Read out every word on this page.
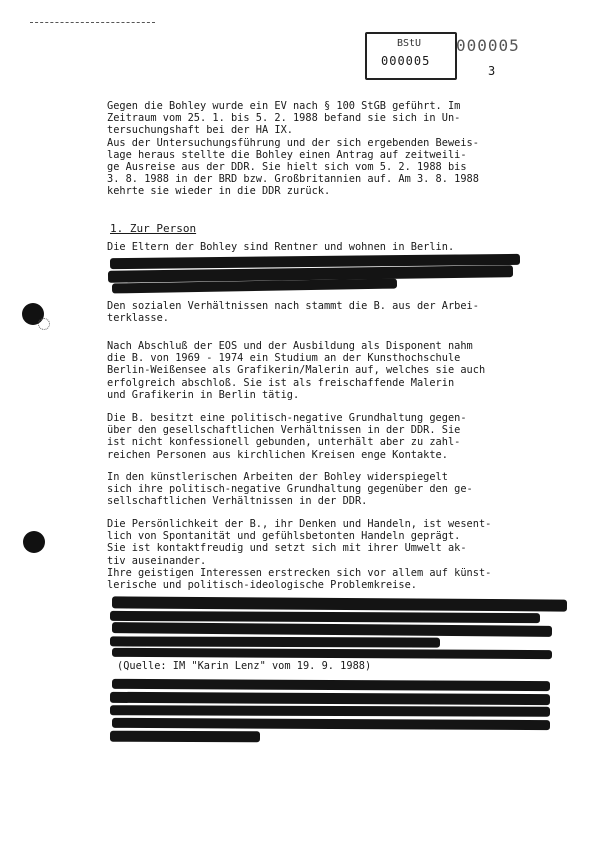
BStU
000005
000005
3
Gegen die Bohley wurde ein EV nach § 100 StGB geführt. Im
Zeitraum vom 25. 1. bis 5. 2. 1988 befand sie sich in Un-
tersuchungshaft bei der HA IX.
Aus der Untersuchungsführung und der sich ergebenden Beweis-
lage heraus stellte die Bohley einen Antrag auf zeitweili-
ge Ausreise aus der DDR. Sie hielt sich vom 5. 2. 1988 bis
3. 8. 1988 in der BRD bzw. Großbritannien auf. Am 3. 8. 1988
kehrte sie wieder in die DDR zurück.
1. Zur Person
Die Eltern der Bohley sind Rentner und wohnen in Berlin.
Den sozialen Verhältnissen nach stammt die B. aus der Arbei-
terklasse.
Nach Abschluß der EOS und der Ausbildung als Disponent nahm
die B. von 1969 - 1974 ein Studium an der Kunsthochschule
Berlin-Weißensee als Grafikerin/Malerin auf, welches sie auch
erfolgreich abschloß. Sie ist als freischaffende Malerin
und Grafikerin in Berlin tätig.
Die B. besitzt eine politisch-negative Grundhaltung gegen-
über den gesellschaftlichen Verhältnissen in der DDR. Sie
ist nicht konfessionell gebunden, unterhält aber zu zahl-
reichen Personen aus kirchlichen Kreisen enge Kontakte.
In den künstlerischen Arbeiten der Bohley widerspiegelt
sich ihre politisch-negative Grundhaltung gegenüber den ge-
sellschaftlichen Verhältnissen in der DDR.
Die Persönlichkeit der B., ihr Denken und Handeln, ist wesent-
lich von Spontanität und gefühlsbetonten Handeln geprägt.
Sie ist kontaktfreudig und setzt sich mit ihrer Umwelt ak-
tiv auseinander.
Ihre geistigen Interessen erstrecken sich vor allem auf künst-
lerische und politisch-ideologische Problemkreise.
(Quelle: IM "Karin Lenz" vom 19. 9. 1988)
